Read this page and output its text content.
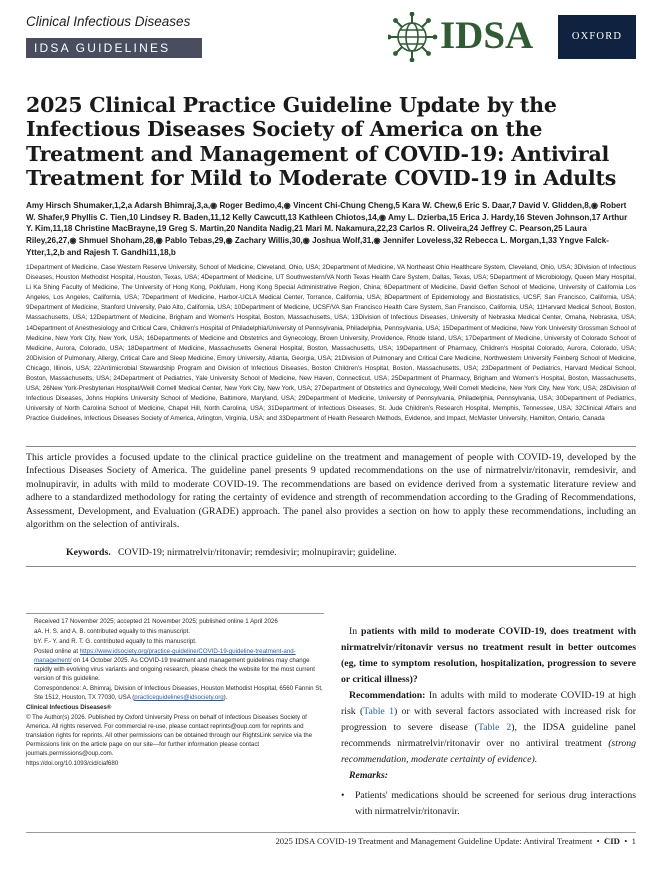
Clinical Infectious Diseases
IDSA GUIDELINES	IDSA	OXFORD
2025 Clinical Practice Guideline Update by the Infectious Diseases Society of America on the Treatment and Management of COVID-19: Antiviral Treatment for Mild to Moderate COVID-19 in Adults
Amy Hirsch Shumaker,1,2,a Adarsh Bhimraj,3,a,◉ Roger Bedimo,4,◉ Vincent Chi-Chung Cheng,5 Kara W. Chew,6 Eric S. Daar,7 David V. Glidden,8,◉ Robert W. Shafer,9 Phyllis C. Tien,10 Lindsey R. Baden,11,12 Kelly Cawcutt,13 Kathleen Chiotos,14,◉ Amy L. Dzierba,15 Erica J. Hardy,16 Steven Johnson,17 Arthur Y. Kim,11,18 Christine MacBrayne,19 Greg S. Martin,20 Nandita Nadig,21 Mari M. Nakamura,22,23 Carlos R. Oliveira,24 Jeffrey C. Pearson,25 Laura Riley,26,27,◉ Shmuel Shoham,28,◉ Pablo Tebas,29,◉ Zachary Willis,30,◉ Joshua Wolf,31,◉ Jennifer Loveless,32 Rebecca L. Morgan,1,33 Yngve Falck-Ytter,1,2,b and Rajesh T. Gandhi11,18,b
1Department of Medicine, Case Western Reserve University, School of Medicine, Cleveland, Ohio, USA; 2Department of Medicine, VA Northeast Ohio Healthcare System, Cleveland, Ohio, USA; 3Division of Infectious Diseases, Houston Methodist Hospital, Houston, Texas, USA; 4Department of Medicine, UT Southwestern/VA North Texas Health Care System, Dallas, Texas, USA; 5Department of Microbiology, Queen Mary Hospital, Li Ka Shing Faculty of Medicine, The University of Hong Kong, Pokfulam, Hong Kong Special Administrative Region, China; 6Department of Medicine, David Geffen School of Medicine, University of California Los Angeles, Los Angeles, California, USA; 7Department of Medicine, Harbor-UCLA Medical Center, Torrance, California, USA; 8Department of Epidemiology and Biostatistics, UCSF, San Francisco, California, USA; 9Department of Medicine, Stanford University, Palo Alto, California, USA; 10Department of Medicine, UCSF/VA San Francisco Health Care System, San Francisco, California, USA; 11Harvard Medical School, Boston, Massachusetts, USA; 12Department of Medicine, Brigham and Women's Hospital, Boston, Massachusetts, USA; 13Division of Infectious Diseases, University of Nebraska Medical Center, Omaha, Nebraska, USA; 14Department of Anesthesiology and Critical Care, Children's Hospital of Philadelphia/University of Pennsylvania, Philadelphia, Pennsylvania, USA; 15Department of Medicine, New York University Grossman School of Medicine, New York City, New York, USA; 16Departments of Medicine and Obstetrics and Gynecology, Brown University, Providence, Rhode Island, USA; 17Department of Medicine, University of Colorado School of Medicine, Aurora, Colorado, USA; 18Department of Medicine, Massachusetts General Hospital, Boston, Massachusetts, USA; 19Department of Pharmacy, Children's Hospital Colorado, Aurora, Colorado, USA; 20Division of Pulmonary, Allergy, Critical Care and Sleep Medicine, Emory University, Atlanta, Georgia, USA; 21Division of Pulmonary and Critical Care Medicine, Northwestern University Feinberg School of Medicine, Chicago, Illinois, USA; 22Antimicrobial Stewardship Program and Division of Infectious Diseases, Boston Children's Hospital, Boston, Massachusetts, USA; 23Department of Pediatrics, Harvard Medical School, Boston, Massachusetts, USA; 24Department of Pediatrics, Yale University School of Medicine, New Haven, Connecticut, USA; 25Department of Pharmacy, Brigham and Women's Hospital, Boston, Massachusetts, USA; 26New York-Presbyterian Hospital/Weill Cornell Medical Center, New York City, New York, USA; 27Department of Obstetrics and Gynecology, Weill Cornell Medicine, New York City, New York, USA; 28Division of Infectious Diseases, Johns Hopkins University School of Medicine, Baltimore, Maryland, USA; 29Department of Medicine, University of Pennsylvania, Philadelphia, Pennsylvania, USA; 30Department of Pediatrics, University of North Carolina School of Medicine, Chapel Hill, North Carolina, USA; 31Department of Infectious Diseases, St. Jude Children's Research Hospital, Memphis, Tennessee, USA; 32Clinical Affairs and Practice Guidelines, Infectious Diseases Society of America, Arlington, Virginia, USA; and 33Department of Health Research Methods, Evidence, and Impact, McMaster University, Hamilton, Ontario, Canada

This article provides a focused update to the clinical practice guideline on the treatment and management of people with COVID-19, developed by the Infectious Diseases Society of America. The guideline panel presents 9 updated recommendations on the use of nirmatrelvir/ritonavir, remdesivir, and molnupiravir, in adults with mild to moderate COVID-19. The recommendations are based on evidence derived from a systematic literature review and adhere to a standardized methodology for rating the certainty of evidence and strength of recommendation according to the Grading of Recommendations, Assessment, Development, and Evaluation (GRADE) approach. The panel also provides a section on how to apply these recommendations, including an algorithm on the selection of antivirals.

Keywords. COVID-19; nirmatrelvir/ritonavir; remdesivir; molnupiravir; guideline.

Received 17 November 2025; accepted 21 November 2025; published online 1 April 2026

aA. H. S. and A. B. contributed equally to this manuscript.

bY. F.- Y. and R. T. G. contributed equally to this manuscript.

Posted online at https://www.idsociety.org/practice-guideline/COVID-19-guideline-treatment-and-management/ on 14 October 2025. As COVID-19 treatment and management guidelines may change rapidly with evolving virus variants and ongoing research, please check the website for the most current version of this guideline.

Correspondence: A. Bhimraj, Division of Infectious Diseases, Houston Methodist Hospital, 6560 Fannin St, Ste 1512, Houston, TX 77030, USA (practiceguidelines@idsociety.org).

Clinical Infectious Diseases®

© The Author(s) 2026. Published by Oxford University Press on behalf of Infectious Diseases Society of America. All rights reserved. For commercial re-use, please contact reprints@oup.com for reprints and translation rights for reprints. All other permissions can be obtained through our RightsLink service via the Permissions link on the article page on our site—for further information please contact journals.permissions@oup.com.

https://doi.org/10.1093/cid/ciaf680

In patients with mild to moderate COVID-19, does treatment with nirmatrelvir/ritonavir versus no treatment result in better outcomes (eg, time to symptom resolution, hospitalization, progression to severe or critical illness)?

Recommendation: In adults with mild to moderate COVID-19 at high risk (Table 1) or with several factors associated with increased risk for progression to severe disease (Table 2), the IDSA guideline panel recommends nirmatrelvir/ritonavir over no antiviral treatment (strong recommendation, moderate certainty of evidence).

Remarks:

•	Patients' medications should be screened for serious drug interactions with nirmatrelvir/ritonavir.
2025 IDSA COVID-19 Treatment and Management Guideline Update: Antiviral Treatment  •  CID  •  1
